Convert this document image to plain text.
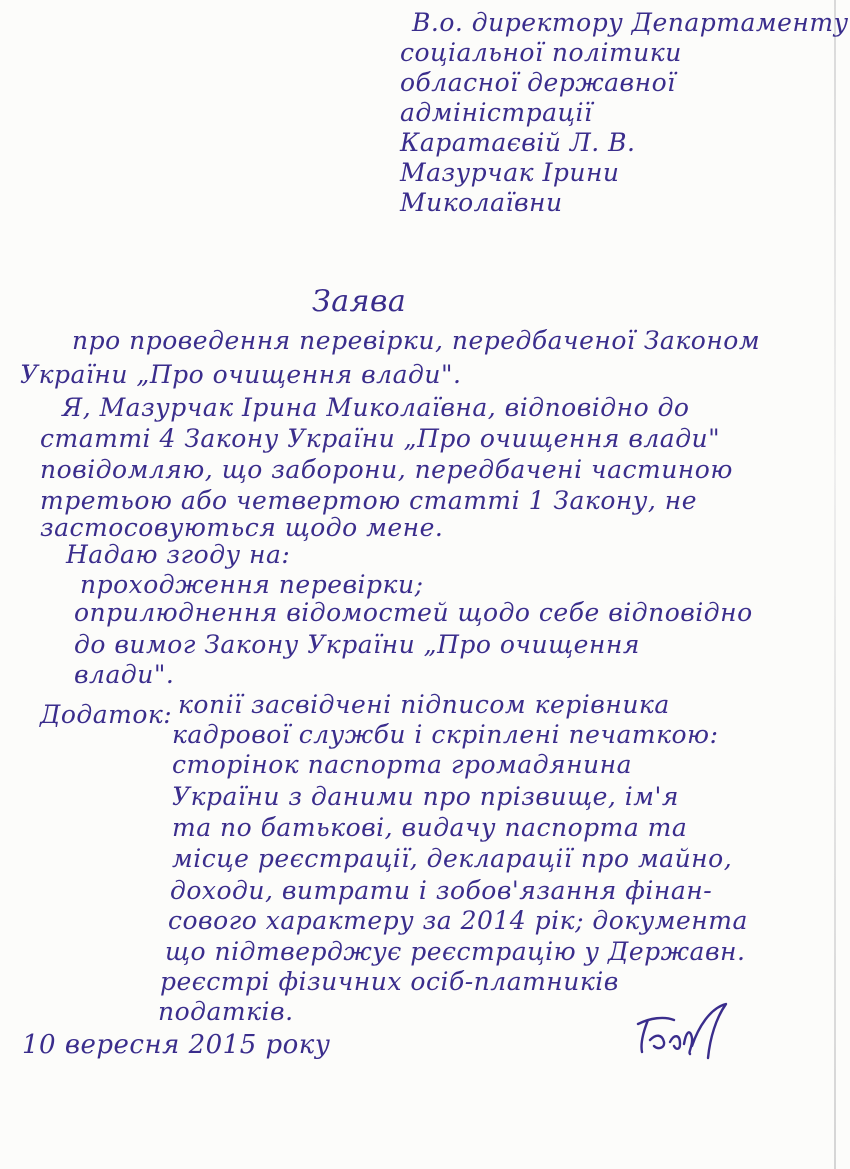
В.о. директору Департаменту
соціальної політики
обласної державної
адміністрації
Каратаєвій Л. В.
Мазурчак Ірини
Миколаївни
Заява
про проведення перевірки, передбаченої Законом
України „Про очищення влади".
Я, Мазурчак Ірина Миколаївна, відповідно до
статті 4 Закону України „Про очищення влади"
повідомляю, що заборони, передбачені частиною
третьою або четвертою статті 1 Закону, не
застосовуються щодо мене.
Надаю згоду на:
проходження перевірки;
оприлюднення відомостей щодо себе відповідно
до вимог Закону України „Про очищення
влади".
Додаток: копії засвідчені підписом керівника
кадрової служби і скріплені печаткою:
сторінок паспорта громадянина
України з даними про прізвище, ім'я
та по батькові, видачу паспорта та
місце реєстрації, декларації про майно,
доходи, витрати і зобов'язання фінан-
сового характеру за 2014 рік; документа
що підтверджує реєстрацію у Державн.
реєстрі фізичних осіб-платників
податків.
10 вересня 2015 року
